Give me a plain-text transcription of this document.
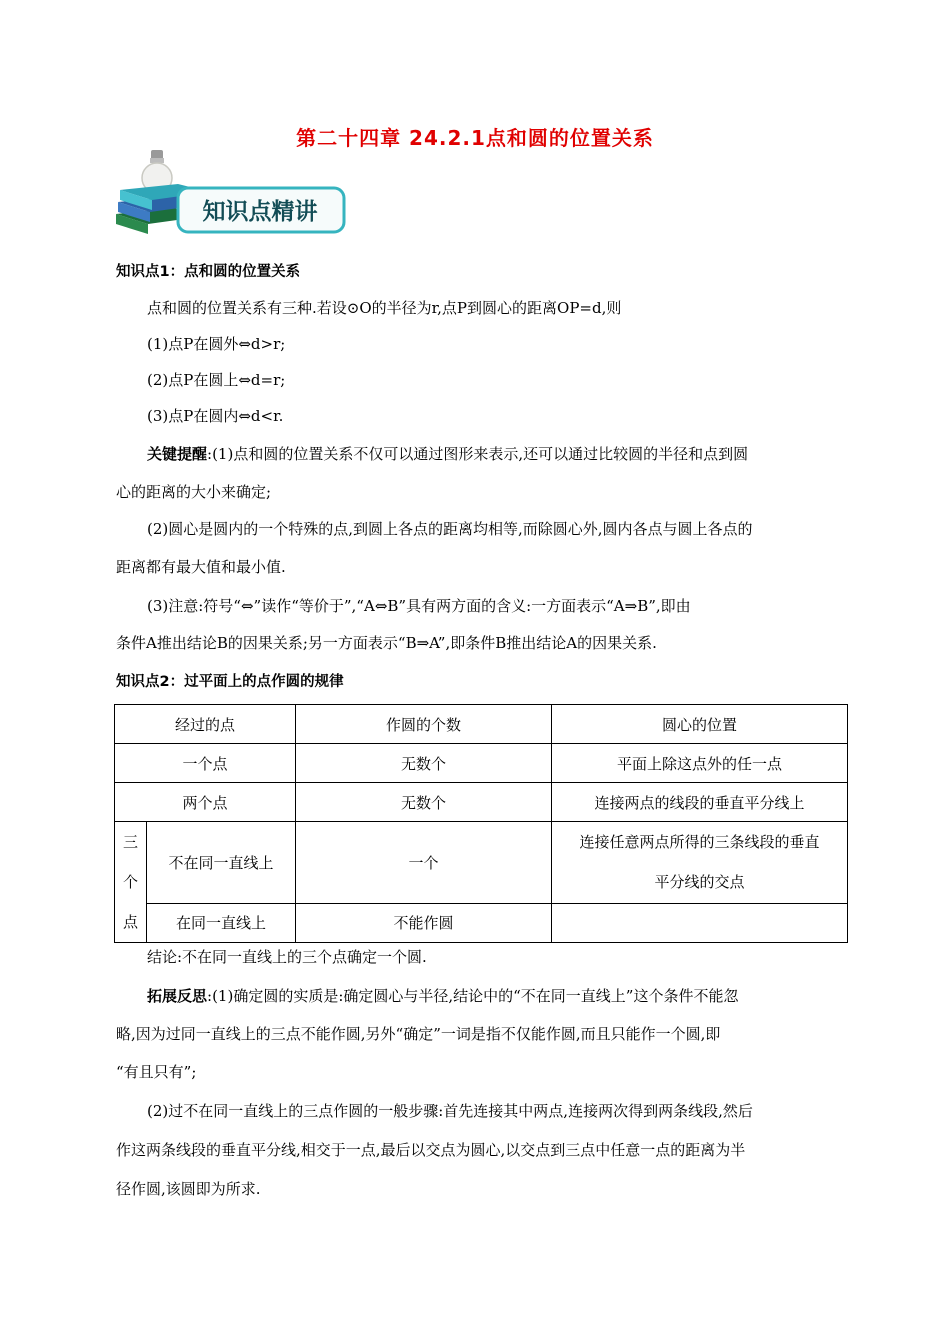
第二十四章 24.2.1点和圆的位置关系
知识点精讲
知识点1：点和圆的位置关系
点和圆的位置关系有三种.若设⊙O的半径为r,点P到圆心的距离OP=d,则
(1)点P在圆外⇔d>r;
(2)点P在圆上⇔d=r;
(3)点P在圆内⇔d<r.
关键提醒:(1)点和圆的位置关系不仅可以通过图形来表示,还可以通过比较圆的半径和点到圆
心的距离的大小来确定;
(2)圆心是圆内的一个特殊的点,到圆上各点的距离均相等,而除圆心外,圆内各点与圆上各点的
距离都有最大值和最小值.
(3)注意:符号“⇔”读作“等价于”,“A⇔B”具有两方面的含义:一方面表示“A⇒B”,即由
条件A推出结论B的因果关系;另一方面表示“B⇒A”,即条件B推出结论A的因果关系.
知识点2：过平面上的点作圆的规律
经过的点		作圆的个数	圆心的位置
一个点		无数个	平面上除这点外的任一点
两个点		无数个	连接两点的线段的垂直平分线上
三
个
点	不在同一直线上	一个	连接任意两点所得的三条线段的垂直
平分线的交点
	在同一直线上	不能作圆	
结论:不在同一直线上的三个点确定一个圆.
拓展反思:(1)确定圆的实质是:确定圆心与半径,结论中的“不在同一直线上”这个条件不能忽
略,因为过同一直线上的三点不能作圆,另外“确定”一词是指不仅能作圆,而且只能作一个圆,即
“有且只有”;
(2)过不在同一直线上的三点作圆的一般步骤:首先连接其中两点,连接两次得到两条线段,然后
作这两条线段的垂直平分线,相交于一点,最后以交点为圆心,以交点到三点中任意一点的距离为半
径作圆,该圆即为所求.
